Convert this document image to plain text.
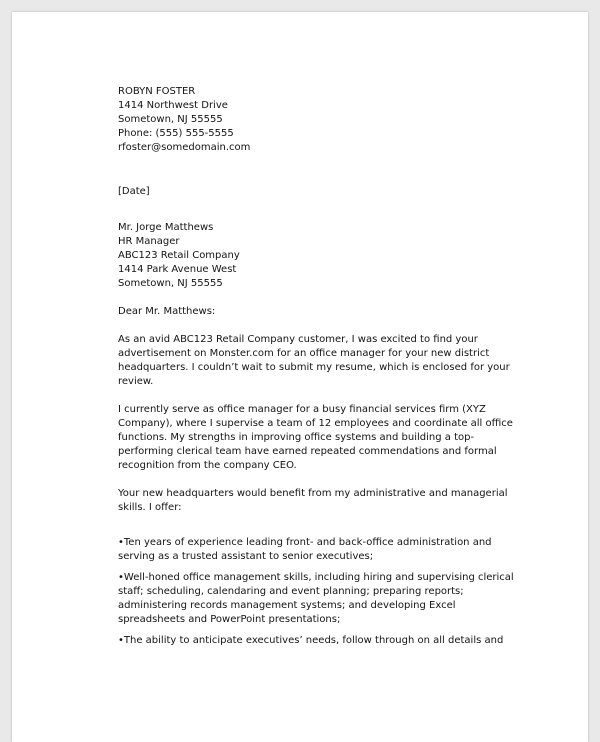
ROBYN FOSTER
1414 Northwest Drive
Sometown, NJ 55555
Phone: (555) 555-5555
rfoster@somedomain.com
[Date]
Mr. Jorge Matthews
HR Manager
ABC123 Retail Company
1414 Park Avenue West
Sometown, NJ 55555
Dear Mr. Matthews:
As an avid ABC123 Retail Company customer, I was excited to find your
advertisement on Monster.com for an office manager for your new district
headquarters. I couldn’t wait to submit my resume, which is enclosed for your
review.
I currently serve as office manager for a busy financial services firm (XYZ
Company), where I supervise a team of 12 employees and coordinate all office
functions. My strengths in improving office systems and building a top-
performing clerical team have earned repeated commendations and formal
recognition from the company CEO.
Your new headquarters would benefit from my administrative and managerial
skills. I offer:
•Ten years of experience leading front- and back-office administration and
serving as a trusted assistant to senior executives;
•Well-honed office management skills, including hiring and supervising clerical
staff; scheduling, calendaring and event planning; preparing reports;
administering records management systems; and developing Excel
spreadsheets and PowerPoint presentations;
•The ability to anticipate executives’ needs, follow through on all details and
